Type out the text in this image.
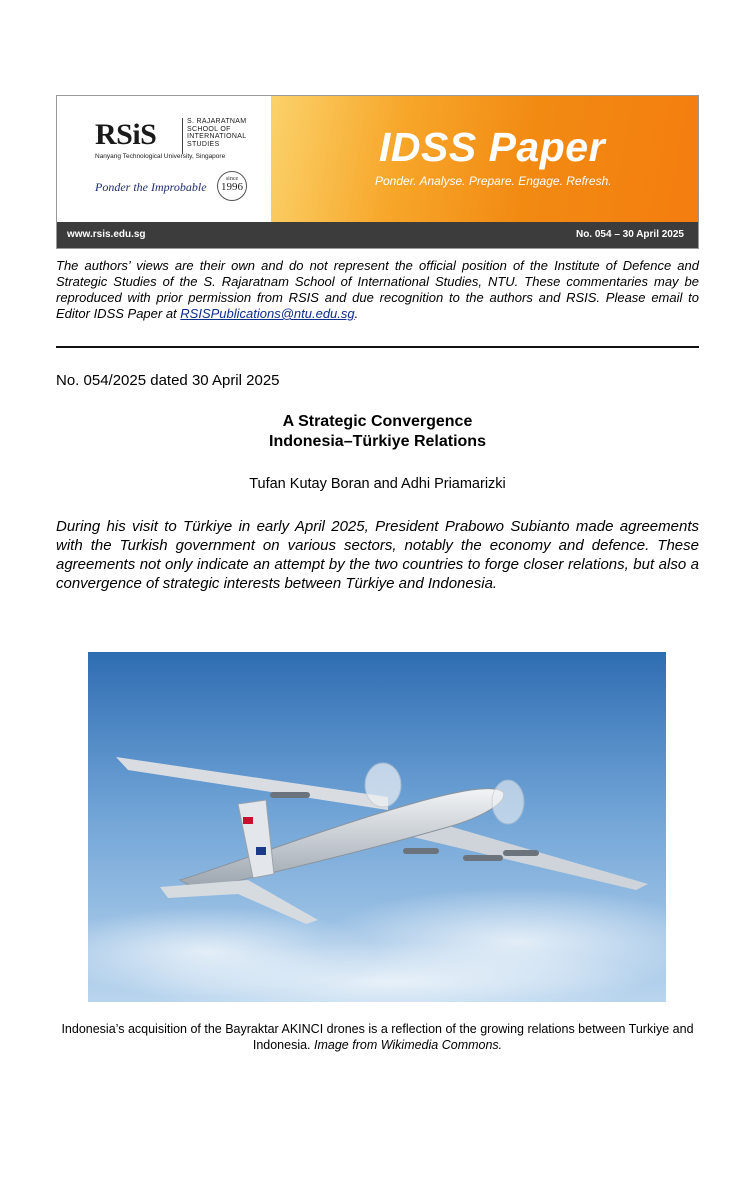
RSiS	S. RAJARATNAM
SCHOOL OF
INTERNATIONAL
STUDIES
Nanyang Technological University, Singapore
Ponder the Improbable
since
1996
IDSS Paper
Ponder. Analyse. Prepare. Engage. Refresh.
www.rsis.edu.sg	No. 054 – 30 April 2025
The authors’ views are their own and do not represent the official position of the Institute of Defence and Strategic Studies of the S. Rajaratnam School of International Studies, NTU. These commentaries may be reproduced with prior permission from RSIS and due recognition to the authors and RSIS. Please email to Editor IDSS Paper at RSISPublications@ntu.edu.sg.
No. 054/2025 dated 30 April 2025
A Strategic Convergence
Indonesia–Türkiye Relations
Tufan Kutay Boran and Adhi Priamarizki
During his visit to Türkiye in early April 2025, President Prabowo Subianto made agreements with the Turkish government on various sectors, notably the economy and defence. These agreements not only indicate an attempt by the two countries to forge closer relations, but also a convergence of strategic interests between Türkiye and Indonesia.
Indonesia’s acquisition of the Bayraktar AKINCI drones is a reflection of the growing relations between Turkiye and Indonesia. Image from Wikimedia Commons.
